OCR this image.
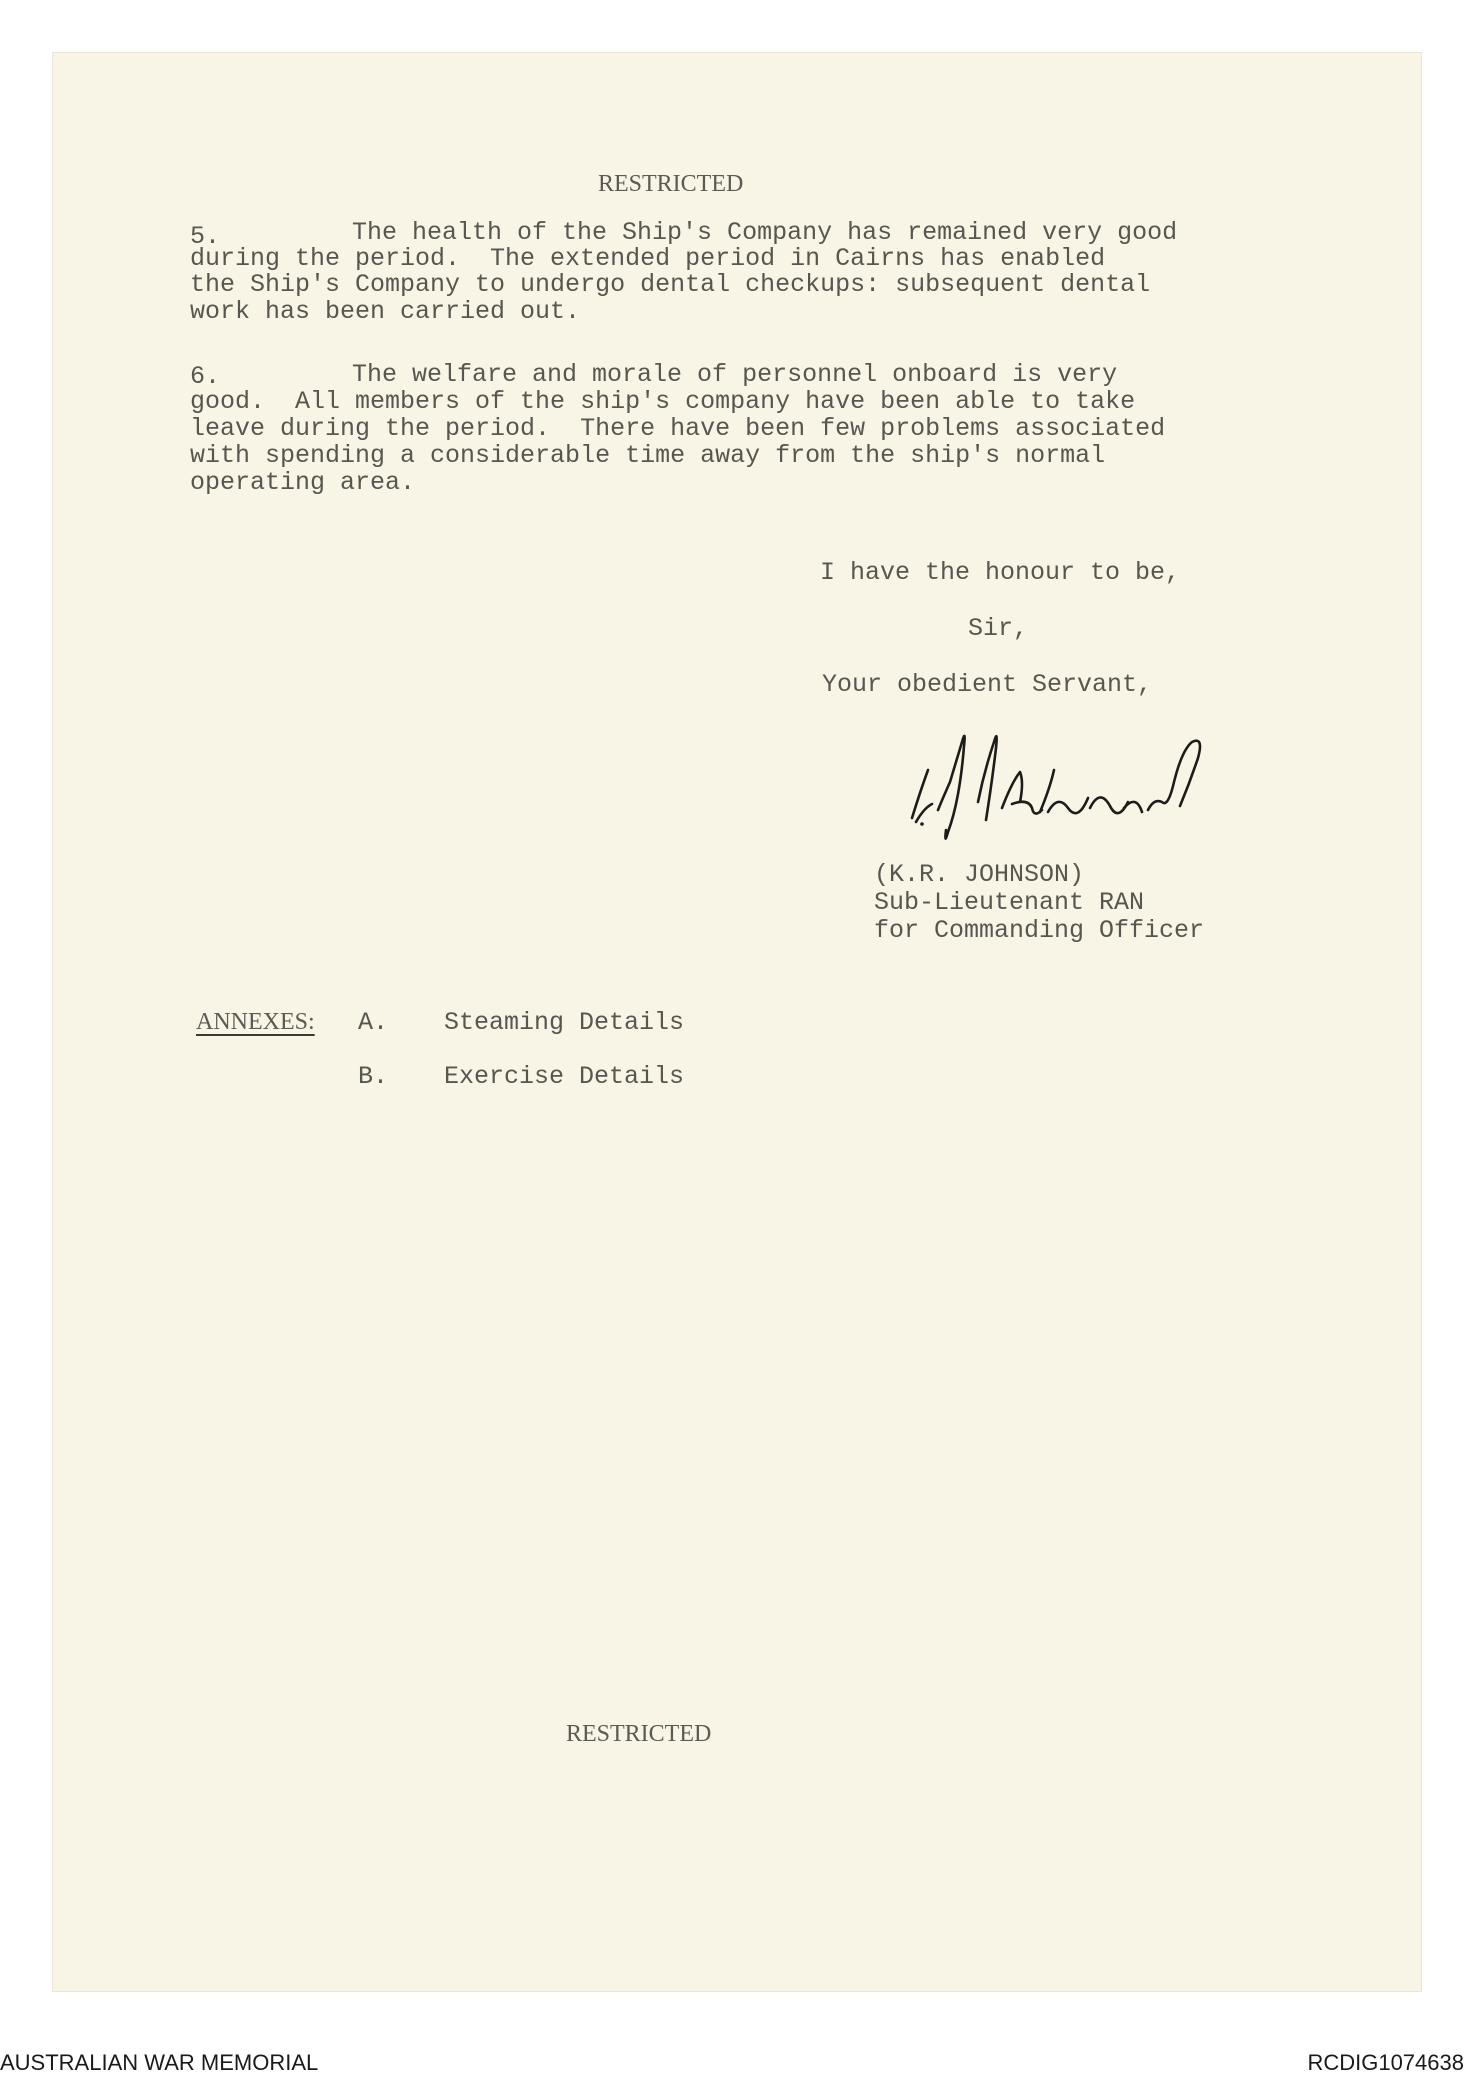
RESTRICTED
5.	The health of the Ship's Company has remained very good
during the period.  The extended period in Cairns has enabled
the Ship's Company to undergo dental checkups: subsequent dental
work has been carried out.
6.	The welfare and morale of personnel onboard is very
good.  All members of the ship's company have been able to take
leave during the period.  There have been few problems associated
with spending a considerable time away from the ship's normal
operating area.
I have the honour to be,
Sir,
Your obedient Servant,
(K.R. JOHNSON)
Sub-Lieutenant RAN
for Commanding Officer
ANNEXES: A. Steaming Details
B. Exercise Details
RESTRICTED
AUSTRALIAN WAR MEMORIAL	RCDIG1074638
